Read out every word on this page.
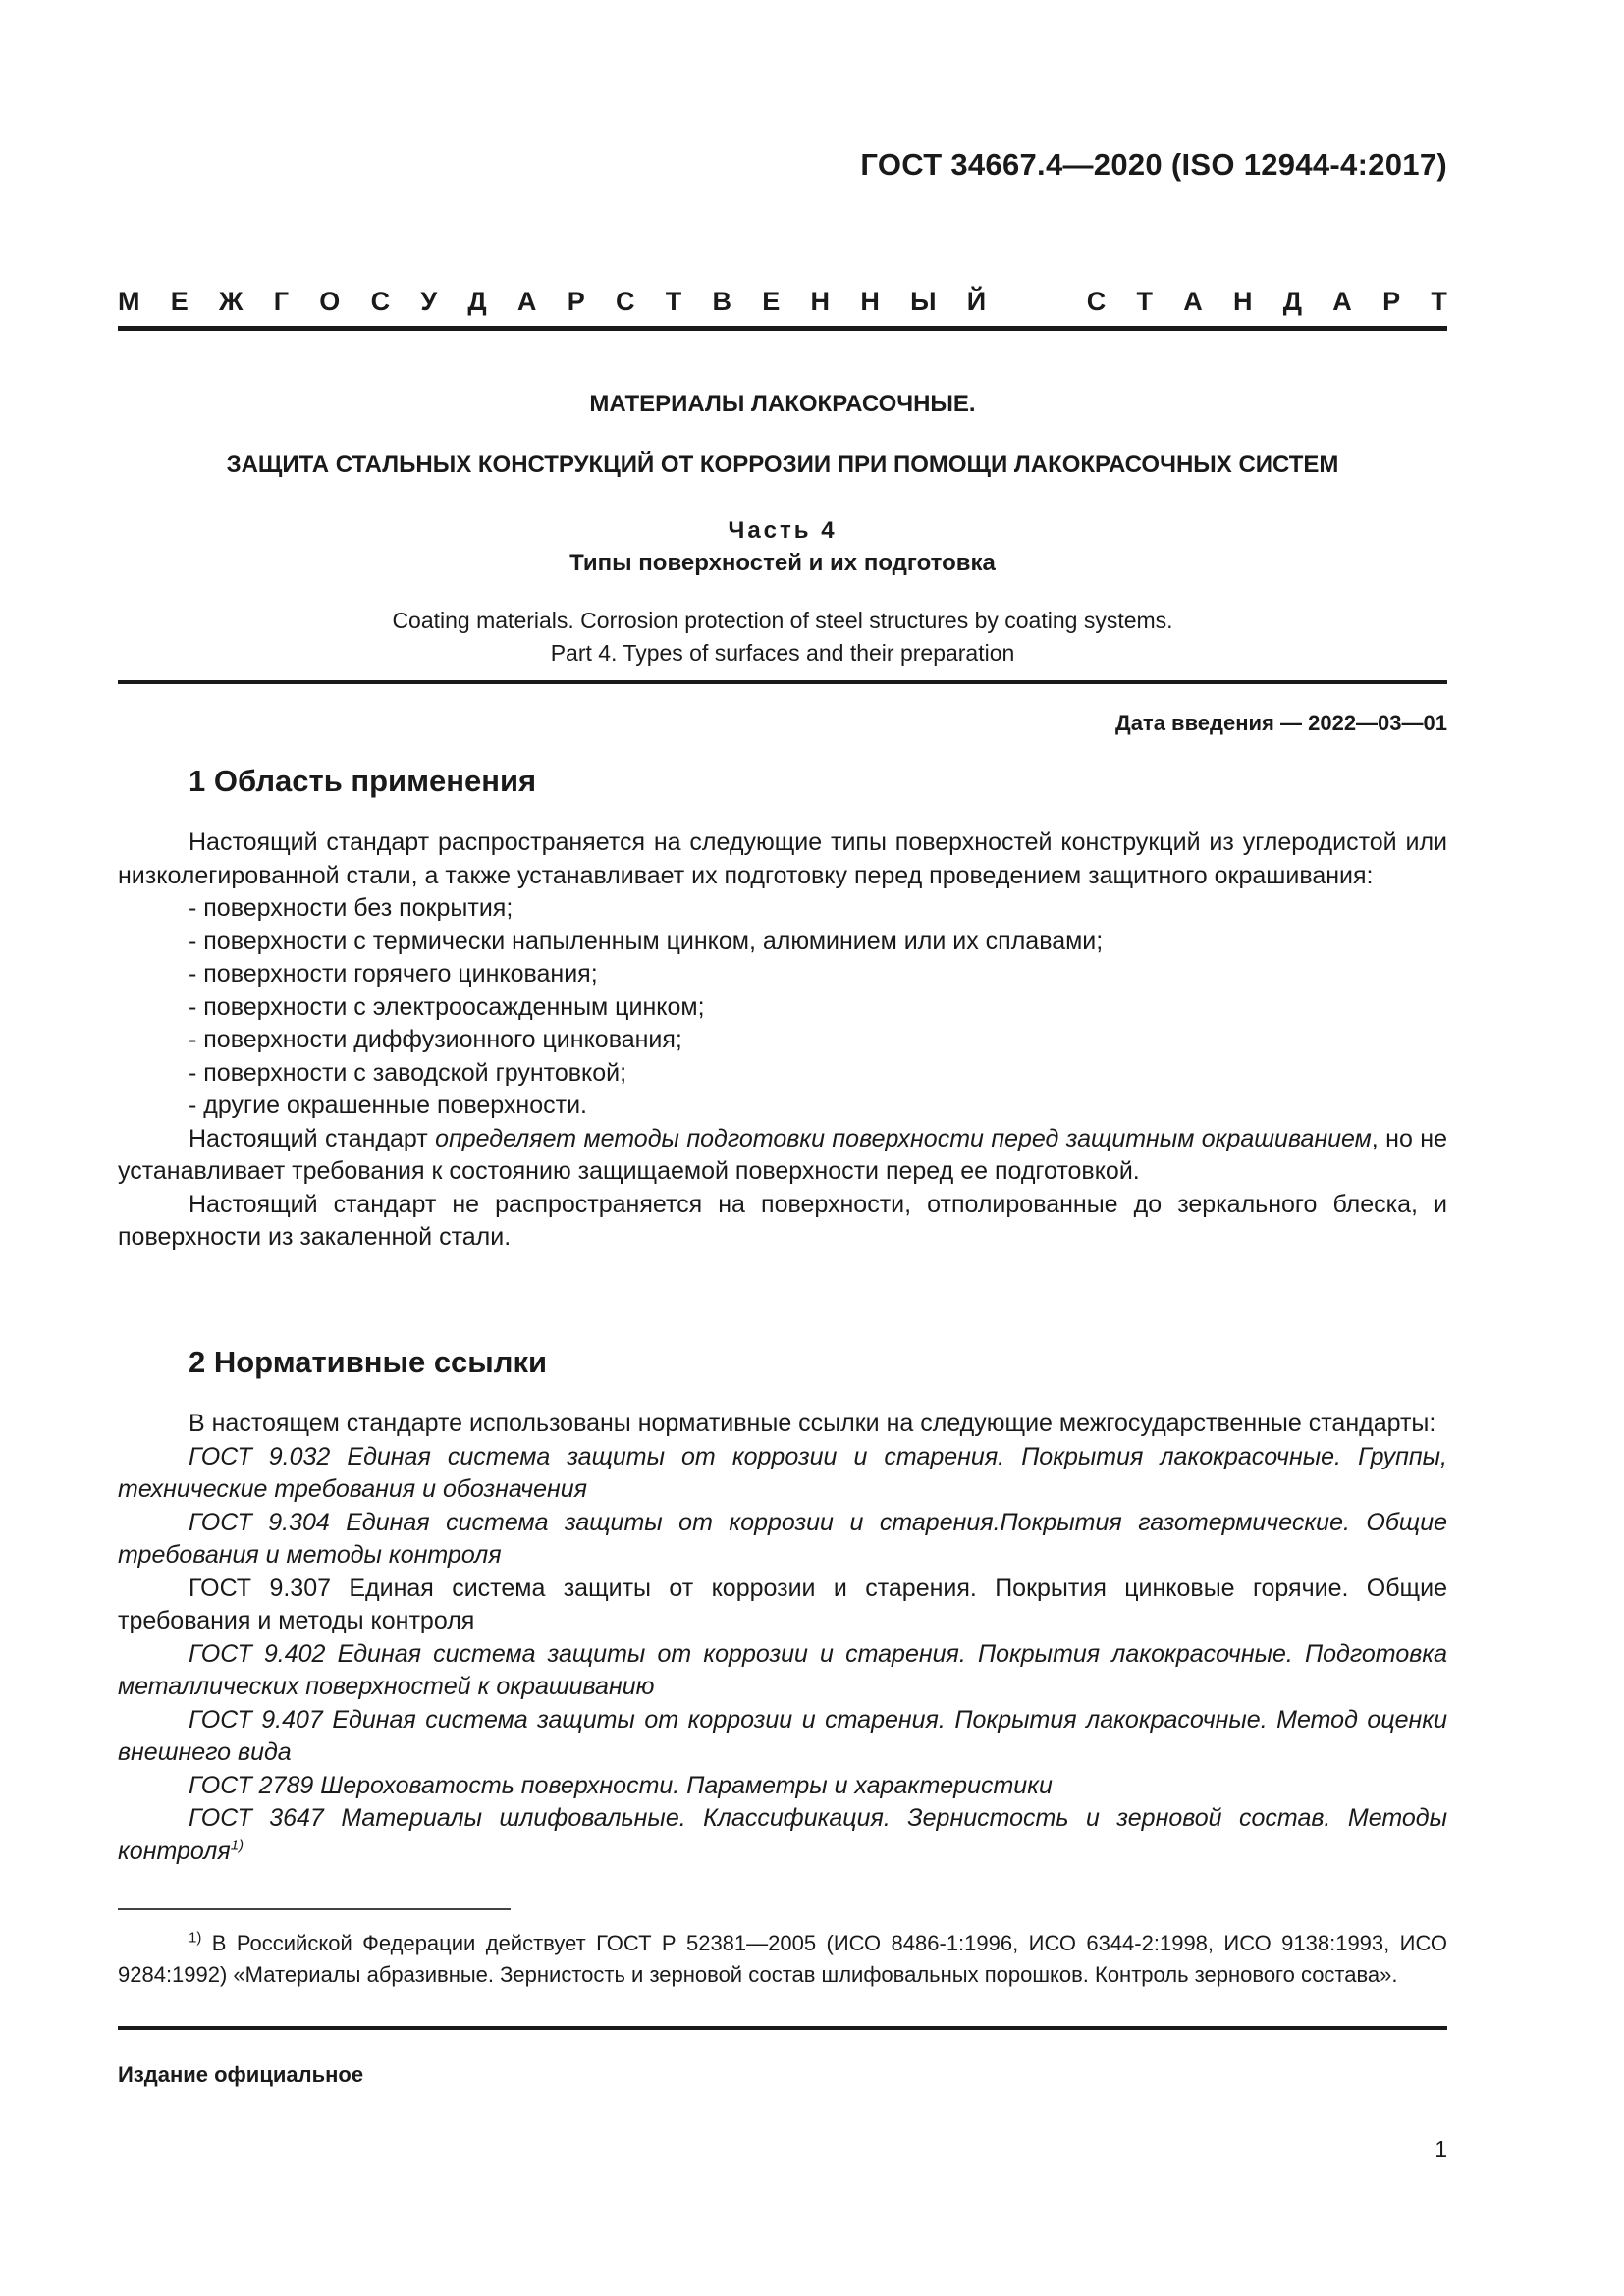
ГОСТ 34667.4—2020 (ISO 12944-4:2017)
М Е Ж Г О С У Д А Р С Т В Е Н Н Ы Й	С Т А Н Д А Р Т
МАТЕРИАЛЫ ЛАКОКРАСОЧНЫЕ.
ЗАЩИТА СТАЛЬНЫХ КОНСТРУКЦИЙ ОТ КОРРОЗИИ ПРИ ПОМОЩИ ЛАКОКРАСОЧНЫХ СИСТЕМ
Часть 4
Типы поверхностей и их подготовка
Coating materials. Corrosion protection of steel structures by coating systems.
Part 4. Types of surfaces and their preparation
Дата введения — 2022—03—01
1 Область применения

Настоящий стандарт распространяется на следующие типы поверхностей конструкций из углеродистой или низколегированной стали, а также устанавливает их подготовку перед проведением защитного окрашивания:

- поверхности без покрытия;

- поверхности с термически напыленным цинком, алюминием или их сплавами;

- поверхности горячего цинкования;

- поверхности с электроосажденным цинком;

- поверхности диффузионного цинкования;

- поверхности с заводской грунтовкой;

- другие окрашенные поверхности.

Настоящий стандарт определяет методы подготовки поверхности перед защитным окрашиванием, но не устанавливает требования к состоянию защищаемой поверхности перед ее подготовкой.

Настоящий стандарт не распространяется на поверхности, отполированные до зеркального блеска, и поверхности из закаленной стали.

2 Нормативные ссылки

В настоящем стандарте использованы нормативные ссылки на следующие межгосударственные стандарты:

ГОСТ 9.032 Единая система защиты от коррозии и старения. Покрытия лакокрасочные. Группы, технические требования и обозначения

ГОСТ 9.304 Единая система защиты от коррозии и старения.Покрытия газотермические. Общие требования и методы контроля

ГОСТ 9.307 Единая система защиты от коррозии и старения. Покрытия цинковые горячие. Общие требования и методы контроля

ГОСТ 9.402 Единая система защиты от коррозии и старения. Покрытия лакокрасочные. Подготовка металлических поверхностей к окрашиванию

ГОСТ 9.407 Единая система защиты от коррозии и старения. Покрытия лакокрасочные. Метод оценки внешнего вида

ГОСТ 2789 Шероховатость поверхности. Параметры и характеристики

ГОСТ 3647 Материалы шлифовальные. Классификация. Зернистость и зерновой состав. Методы контроля$^{1)}$

$^{1)}$ В Российской Федерации действует ГОСТ Р 52381—2005 (ИСО 8486-1:1996, ИСО 6344-2:1998, ИСО 9138:1993, ИСО 9284:1992) «Материалы абразивные. Зернистость и зерновой состав шлифовальных порошков. Контроль зернового состава».

Издание официальное
1
